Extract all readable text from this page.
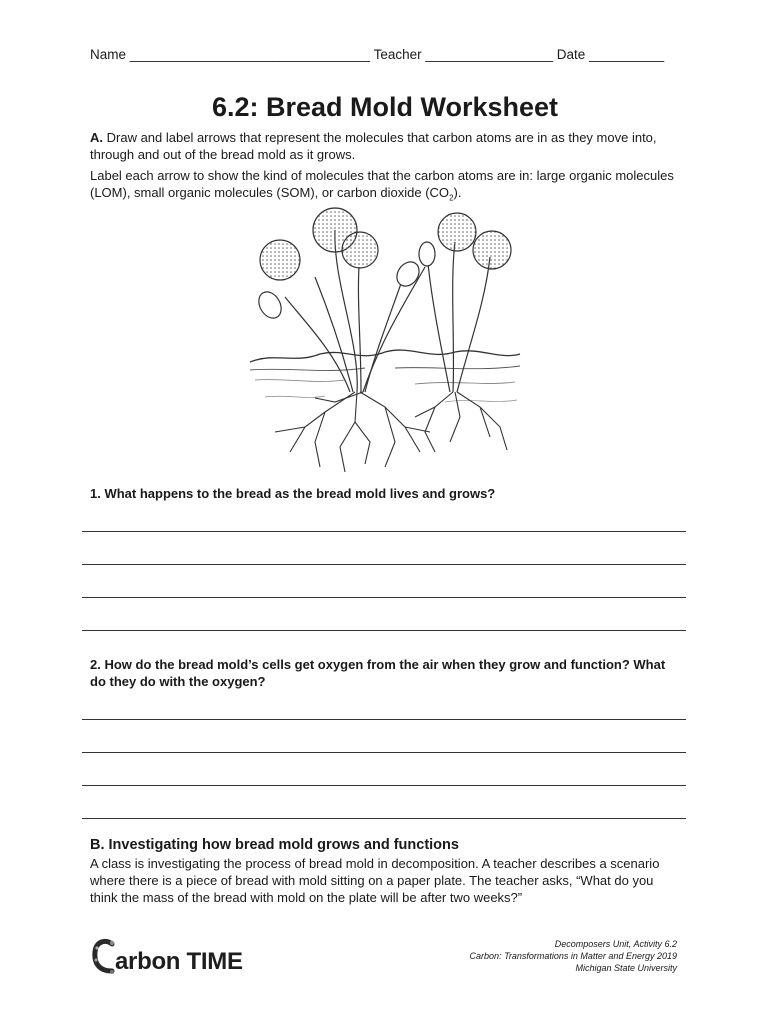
Name ________________________________ Teacher _________________ Date __________
6.2: Bread Mold Worksheet
A. Draw and label arrows that represent the molecules that carbon atoms are in as they move into, through and out of the bread mold as it grows.
Label each arrow to show the kind of molecules that the carbon atoms are in: large organic molecules (LOM), small organic molecules (SOM), or carbon dioxide $(CO_2)$.
1. What happens to the bread as the bread mold lives and grows?
2. How do the bread mold’s cells get oxygen from the air when they grow and function? What do they do with the oxygen?
B. Investigating how bread mold grows and functions
A class is investigating the process of bread mold in decomposition. A teacher describes a scenario where there is a piece of bread with mold sitting on a paper plate. The teacher asks, “What do you think the mass of the bread with mold on the plate will be after two weeks?”
arbon TIME
Decomposers Unit, Activity 6.2
Carbon: Transformations in Matter and Energy 2019
Michigan State University
